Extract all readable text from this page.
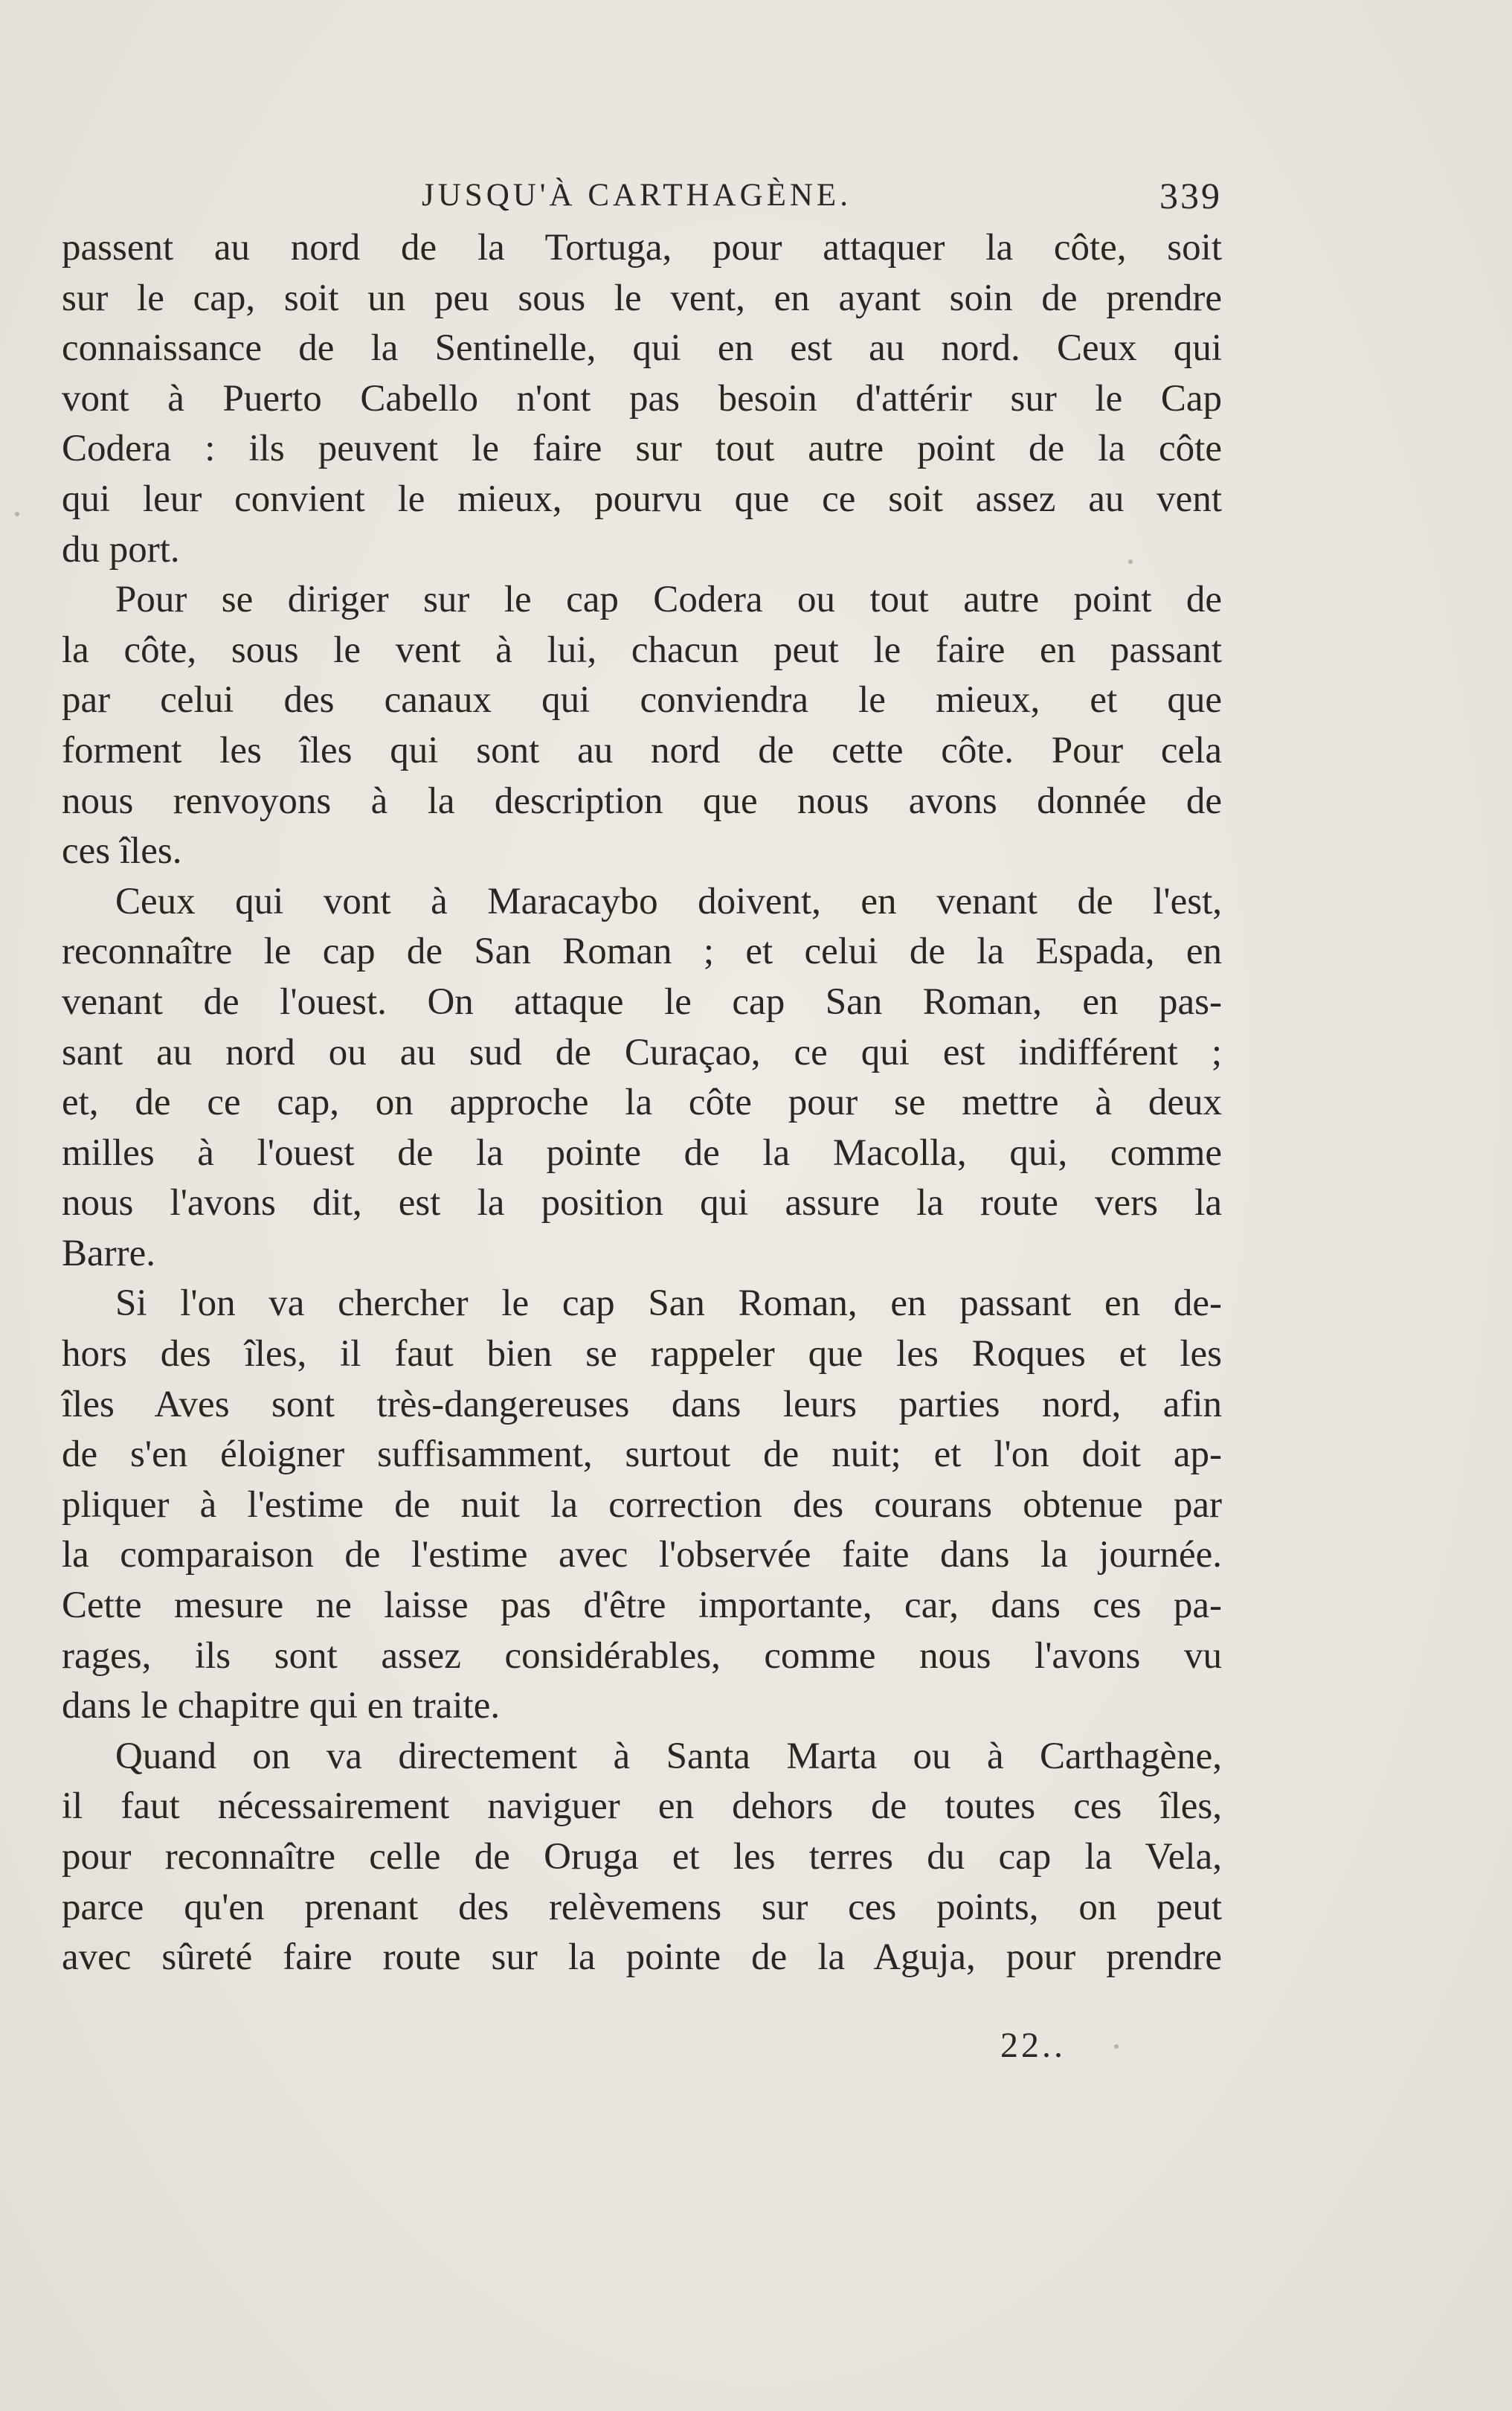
JUSQU'À CARTHAGÈNE.	339

passent au nord de la Tortuga, pour attaquer la côte, soit
sur le cap, soit un peu sous le vent, en ayant soin de prendre
connaissance de la Sentinelle, qui en est au nord. Ceux qui
vont à Puerto Cabello n'ont pas besoin d'attérir sur le Cap
Codera : ils peuvent le faire sur tout autre point de la côte
qui leur convient le mieux, pourvu que ce soit assez au vent
du port.

Pour se diriger sur le cap Codera ou tout autre point de
la côte, sous le vent à lui, chacun peut le faire en passant
par celui des canaux qui conviendra le mieux, et que
forment les îles qui sont au nord de cette côte. Pour cela
nous renvoyons à la description que nous avons donnée de
ces îles.

Ceux qui vont à Maracaybo doivent, en venant de l'est,
reconnaître le cap de San Roman ; et celui de la Espada, en
venant de l'ouest. On attaque le cap San Roman, en pas-
sant au nord ou au sud de Curaçao, ce qui est indifférent ;
et, de ce cap, on approche la côte pour se mettre à deux
milles à l'ouest de la pointe de la Macolla, qui, comme
nous l'avons dit, est la position qui assure la route vers la
Barre.

Si l'on va chercher le cap San Roman, en passant en de-
hors des îles, il faut bien se rappeler que les Roques et les
îles Aves sont très-dangereuses dans leurs parties nord, afin
de s'en éloigner suffisamment, surtout de nuit; et l'on doit ap-
pliquer à l'estime de nuit la correction des courans obtenue par
la comparaison de l'estime avec l'observée faite dans la journée.
Cette mesure ne laisse pas d'être importante, car, dans ces pa-
rages, ils sont assez considérables, comme nous l'avons vu
dans le chapitre qui en traite.

Quand on va directement à Santa Marta ou à Carthagène,
il faut nécessairement naviguer en dehors de toutes ces îles,
pour reconnaître celle de Oruga et les terres du cap la Vela,
parce qu'en prenant des relèvemens sur ces points, on peut
avec sûreté faire route sur la pointe de la Aguja, pour prendre

22..
